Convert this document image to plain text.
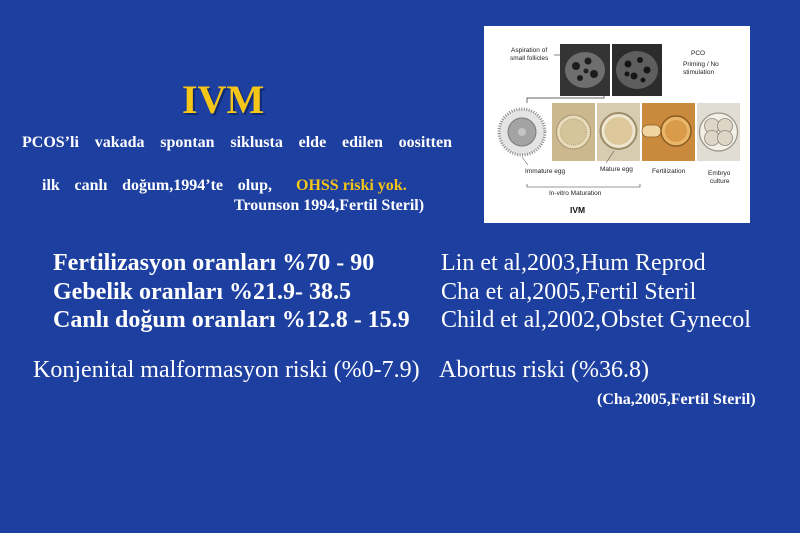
IVM
PCOS’li vakada spontan siklusta elde edilen oositten
ilk canlı doğum,1994’te olup, OHSS riski yok.
Trounson 1994,Fertil Steril)
Aspiration of
small follicles
PCO
Priming / No
stimulation
Immature egg	Mature egg	Fertilization	Embryo
culture
In-vitro Maturation
IVM
Fertilizasyon oranları %70 - 90	Lin et al,2003,Hum Reprod
Gebelik oranları %21.9- 38.5	Cha et al,2005,Fertil Steril
Canlı doğum oranları %12.8 - 15.9 Child et al,2002,Obstet Gynecol
Konjenital malformasyon riski (%0-7.9) Abortus riski (%36.8)
(Cha,2005,Fertil Steril)
